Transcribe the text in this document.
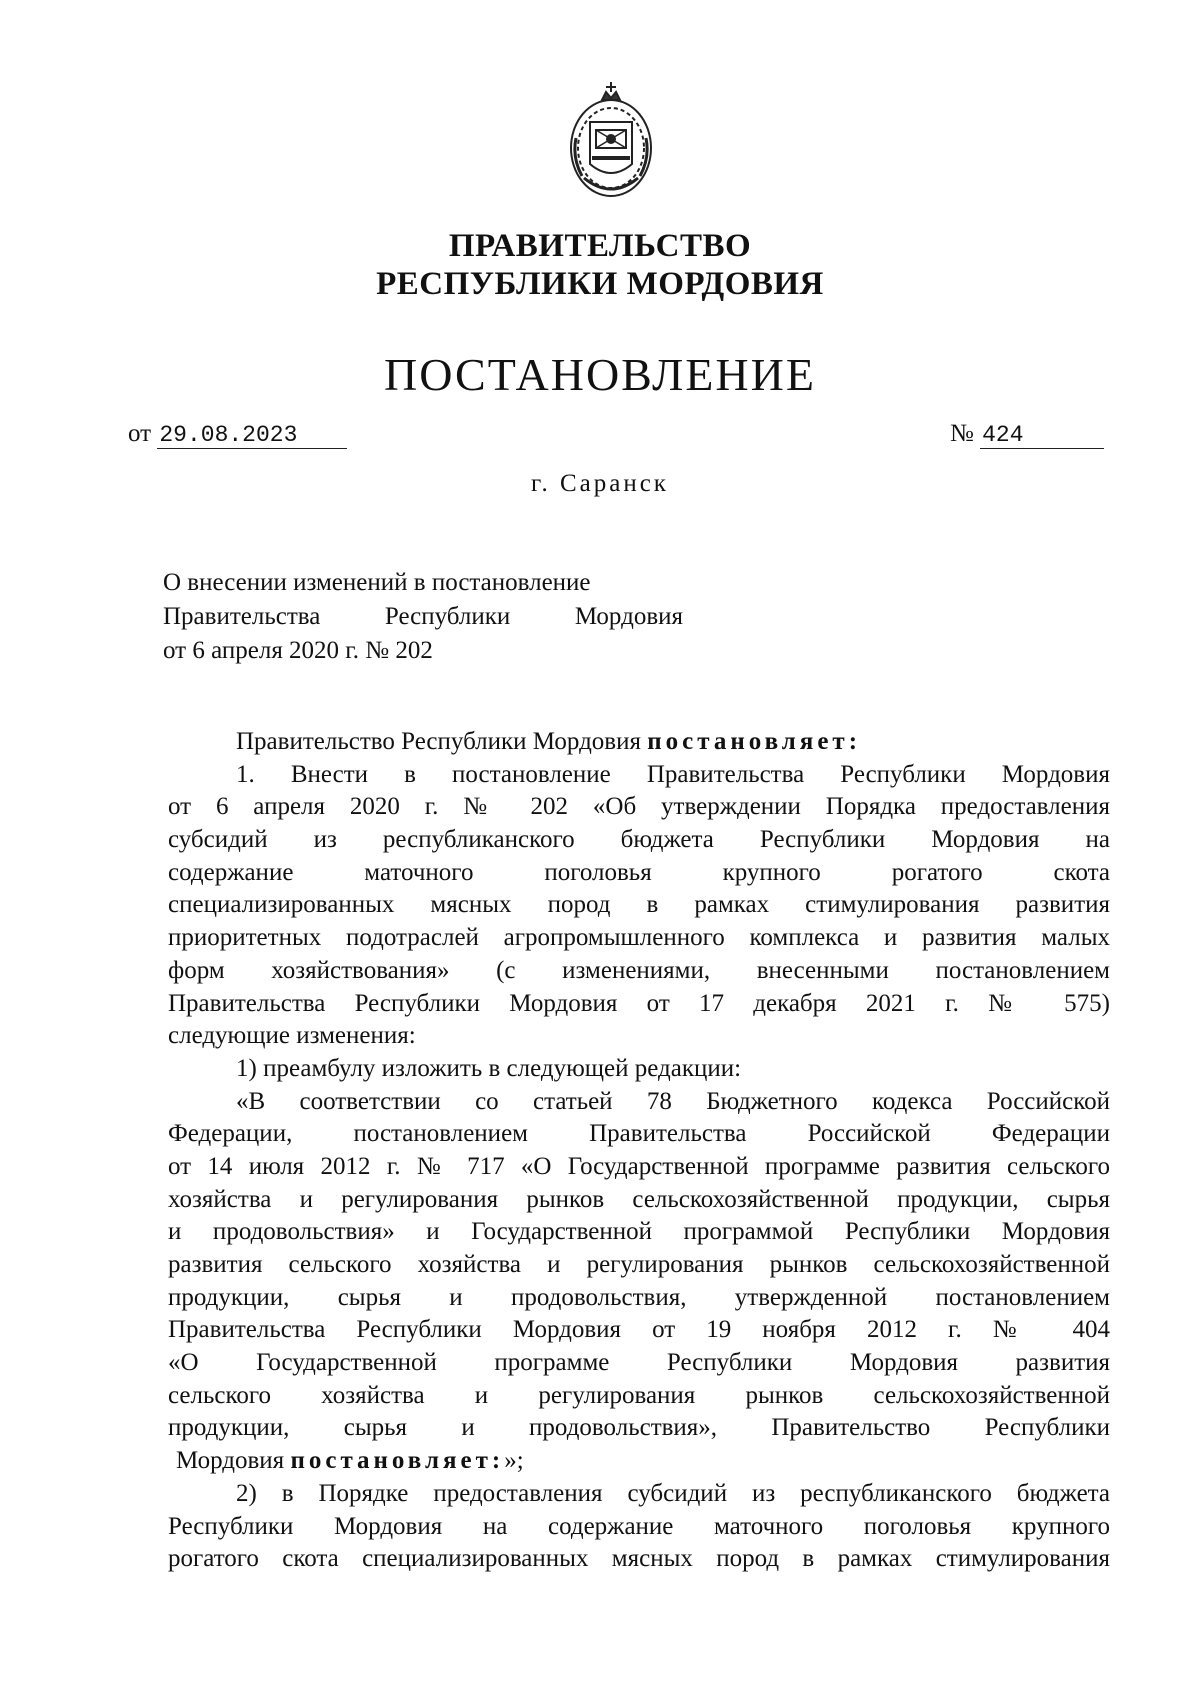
ПРАВИТЕЛЬСТВО
РЕСПУБЛИКИ МОРДОВИЯ
ПОСТАНОВЛЕНИЕ
от 29.08.2023	№ 424
г. Саранск
О внесении изменений в постановление
Правительства Республики Мордовия
от 6 апреля 2020 г. № 202
Правительство Республики Мордовия постановляет:
1. Внести в постановление Правительства Республики Мордовия
от 6 апреля 2020 г. № 202 «Об утверждении Порядка предоставления
субсидий из республиканского бюджета Республики Мордовия на
содержание маточного поголовья крупного рогатого скота
специализированных мясных пород в рамках стимулирования развития
приоритетных подотраслей агропромышленного комплекса и развития малых
форм хозяйствования» (с изменениями, внесенными постановлением
Правительства Республики Мордовия от 17 декабря 2021 г. № 575)
следующие изменения:
1) преамбулу изложить в следующей редакции:
«В соответствии со статьей 78 Бюджетного кодекса Российской
Федерации, постановлением Правительства Российской Федерации
от 14 июля 2012 г. № 717 «О Государственной программе развития сельского
хозяйства и регулирования рынков сельскохозяйственной продукции, сырья
и продовольствия» и Государственной программой Республики Мордовия
развития сельского хозяйства и регулирования рынков сельскохозяйственной
продукции, сырья и продовольствия, утвержденной постановлением
Правительства Республики Мордовия от 19 ноября 2012 г. № 404
«О Государственной программе Республики Мордовия развития
сельского хозяйства и регулирования рынков сельскохозяйственной
продукции, сырья и продовольствия», Правительство Республики
Мордовия постановляет:»;
2) в Порядке предоставления субсидий из республиканского бюджета
Республики Мордовия на содержание маточного поголовья крупного
рогатого скота специализированных мясных пород в рамках стимулирования
